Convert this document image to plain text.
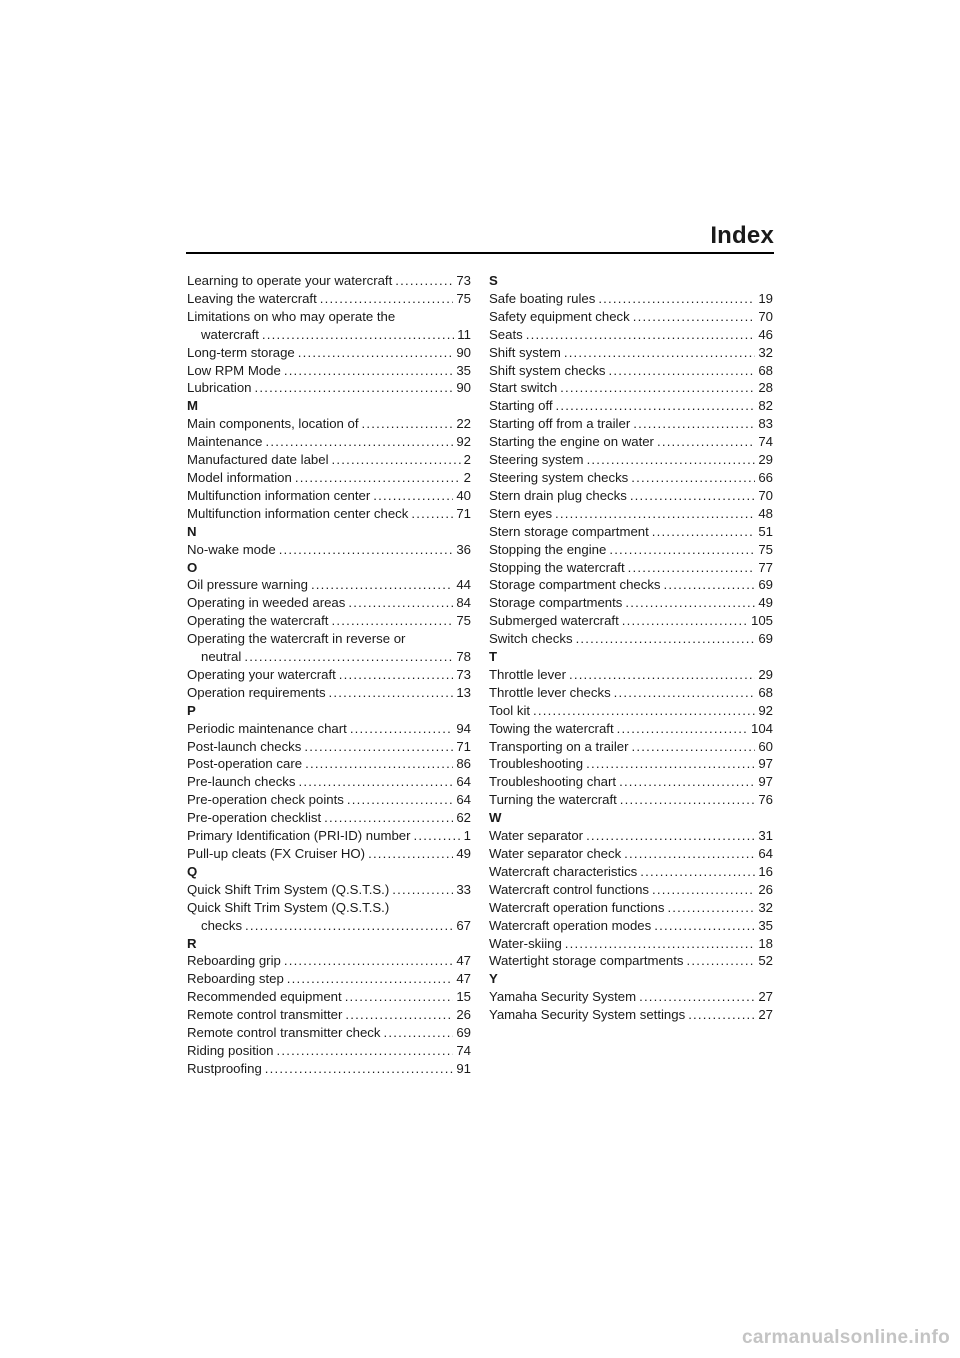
Index
Learning to operate your watercraft .....	73
Leaving the watercraft .....	75
Limitations on who may operate the
watercraft .....	11
Long-term storage .....	90
Low RPM Mode .....	35
Lubrication .....	90
M
Main components, location of .....	22
Maintenance .....	92
Manufactured date label .....	2
Model information .....	2
Multifunction information center .....	40
Multifunction information center check .....	71
N
No-wake mode .....	36
O
Oil pressure warning .....	44
Operating in weeded areas .....	84
Operating the watercraft .....	75
Operating the watercraft in reverse or
neutral .....	78
Operating your watercraft .....	73
Operation requirements .....	13
P
Periodic maintenance chart .....	94
Post-launch checks .....	71
Post-operation care .....	86
Pre-launch checks .....	64
Pre-operation check points .....	64
Pre-operation checklist .....	62
Primary Identification (PRI-ID) number .....	1
Pull-up cleats (FX Cruiser HO) .....	49
Q
Quick Shift Trim System (Q.S.T.S.) .....	33
Quick Shift Trim System (Q.S.T.S.)
checks .....	67
R
Reboarding grip .....	47
Reboarding step .....	47
Recommended equipment .....	15
Remote control transmitter .....	26
Remote control transmitter check .....	69
Riding position .....	74
Rustproofing .....	91
S
Safe boating rules .....	19
Safety equipment check .....	70
Seats .....	46
Shift system .....	32
Shift system checks .....	68
Start switch .....	28
Starting off .....	82
Starting off from a trailer .....	83
Starting the engine on water .....	74
Steering system .....	29
Steering system checks .....	66
Stern drain plug checks .....	70
Stern eyes .....	48
Stern storage compartment .....	51
Stopping the engine .....	75
Stopping the watercraft .....	77
Storage compartment checks .....	69
Storage compartments .....	49
Submerged watercraft .....	105
Switch checks .....	69
T
Throttle lever .....	29
Throttle lever checks .....	68
Tool kit .....	92
Towing the watercraft .....	104
Transporting on a trailer .....	60
Troubleshooting .....	97
Troubleshooting chart .....	97
Turning the watercraft .....	76
W
Water separator .....	31
Water separator check .....	64
Watercraft characteristics .....	16
Watercraft control functions .....	26
Watercraft operation functions .....	32
Watercraft operation modes .....	35
Water-skiing .....	18
Watertight storage compartments .....	52
Y
Yamaha Security System .....	27
Yamaha Security System settings .....	27
carmanualsonline.info
